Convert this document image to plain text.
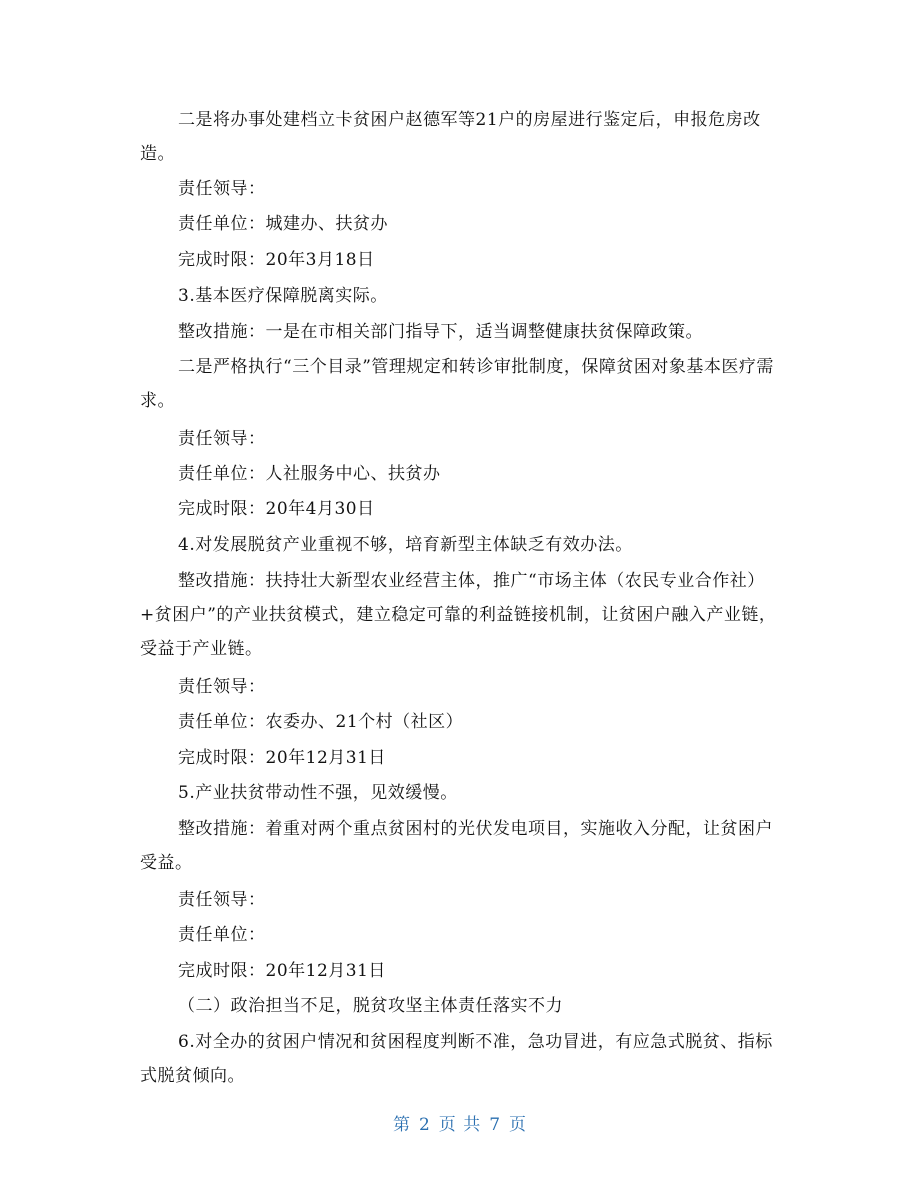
二是将办事处建档立卡贫困户赵德军等21户的房屋进行鉴定后，申报危房改造。

责任领导：

责任单位：城建办、扶贫办

完成时限：20年3月18日

3.基本医疗保障脱离实际。

整改措施：一是在市相关部门指导下，适当调整健康扶贫保障政策。

二是严格执行“三个目录”管理规定和转诊审批制度，保障贫困对象基本医疗需求。

责任领导：

责任单位：人社服务中心、扶贫办

完成时限：20年4月30日

4.对发展脱贫产业重视不够，培育新型主体缺乏有效办法。

整改措施：扶持壮大新型农业经营主体，推广“市场主体（农民专业合作社）+贫困户”的产业扶贫模式，建立稳定可靠的利益链接机制，让贫困户融入产业链，受益于产业链。

责任领导：

责任单位：农委办、21个村（社区）

完成时限：20年12月31日

5.产业扶贫带动性不强，见效缓慢。

整改措施：着重对两个重点贫困村的光伏发电项目，实施收入分配，让贫困户受益。

责任领导：

责任单位：

完成时限：20年12月31日

（二）政治担当不足，脱贫攻坚主体责任落实不力

6.对全办的贫困户情况和贫困程度判断不准，急功冒进，有应急式脱贫、指标式脱贫倾向。

第 2 页 共 7 页
